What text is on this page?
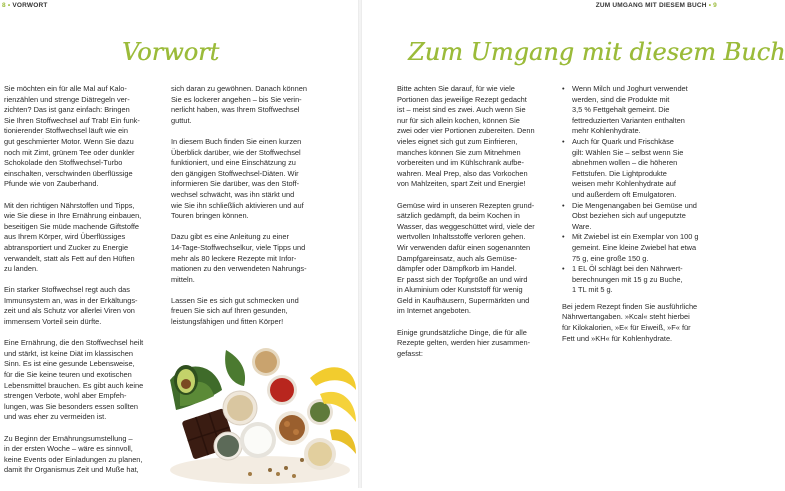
8 • VORWORT
Vorwort

Sie möchten ein für alle Mal auf Kalo-
rienzählen und strenge Diätregeln ver-
zichten? Das ist ganz einfach: Bringen
Sie Ihren Stoffwechsel auf Trab! Ein funk-
tionierender Stoffwechsel läuft wie ein
gut geschmierter Motor. Wenn Sie dazu
noch mit Zimt, grünem Tee oder dunkler
Schokolade den Stoffwechsel-Turbo
einschalten, verschwinden überflüssige
Pfunde wie von Zauberhand.

Mit den richtigen Nährstoffen und Tipps,
wie Sie diese in Ihre Ernährung einbauen,
beseitigen Sie müde machende Giftstoffe
aus Ihrem Körper, wird Überflüssiges
abtransportiert und Zucker zu Energie
verwandelt, statt als Fett auf den Hüften
zu landen.

Ein starker Stoffwechsel regt auch das
Immunsystem an, was in der Erkältungs-
zeit und als Schutz vor allerlei Viren von
immensem Vorteil sein dürfte.

Eine Ernährung, die den Stoffwechsel heilt
und stärkt, ist keine Diät im klassischen
Sinn. Es ist eine gesunde Lebensweise,
für die Sie keine teuren und exotischen
Lebensmittel brauchen. Es gibt auch keine
strengen Verbote, wohl aber Empfeh-
lungen, was Sie besonders essen sollten
und was eher zu vermeiden ist.

Zu Beginn der Ernährungsumstellung –
in der ersten Woche – wäre es sinnvoll,
keine Events oder Einladungen zu planen,
damit Ihr Organismus Zeit und Muße hat,

sich daran zu gewöhnen. Danach können
Sie es lockerer angehen – bis Sie verin-
nerlicht haben, was Ihrem Stoffwechsel
guttut.

In diesem Buch finden Sie einen kurzen
Überblick darüber, wie der Stoffwechsel
funktioniert, und eine Einschätzung zu
den gängigen Stoffwechsel-Diäten. Wir
informieren Sie darüber, was den Stoff-
wechsel schwächt, was ihn stärkt und
wie Sie ihn schließlich aktivieren und auf
Touren bringen können.

Dazu gibt es eine Anleitung zu einer
14-Tage-Stoffwechselkur, viele Tipps und
mehr als 80 leckere Rezepte mit Infor-
mationen zu den verwendeten Nahrungs-
mitteln.

Lassen Sie es sich gut schmecken und
freuen Sie sich auf Ihren gesunden,
leistungsfähigen und fitten Körper!

ZUM UMGANG MIT DIESEM BUCH • 9
Zum Umgang mit diesem Buch

Bitte achten Sie darauf, für wie viele
Portionen das jeweilige Rezept gedacht
ist – meist sind es zwei. Auch wenn Sie
nur für sich allein kochen, können Sie
zwei oder vier Portionen zubereiten. Denn
vieles eignet sich gut zum Einfrieren,
manches können Sie zum Mitnehmen
vorbereiten und im Kühlschrank aufbe-
wahren. Meal Prep, also das Vorkochen
von Mahlzeiten, spart Zeit und Energie!

Gemüse wird in unseren Rezepten grund-
sätzlich gedämpft, da beim Kochen in
Wasser, das weggeschüttet wird, viele der
wertvollen Inhaltsstoffe verloren gehen.
Wir verwenden dafür einen sogenannten
Dampfgareinsatz, auch als Gemüse-
dämpfer oder Dämpfkorb im Handel.
Er passt sich der Topfgröße an und wird
in Aluminium oder Kunststoff für wenig
Geld in Kaufhäusern, Supermärkten und
im Internet angeboten.

Einige grundsätzliche Dinge, die für alle
Rezepte gelten, werden hier zusammen-
gefasst:

• Wenn Milch und Joghurt verwendet
werden, sind die Produkte mit
3,5 % Fettgehalt gemeint. Die
fettreduzierten Varianten enthalten
mehr Kohlenhydrate.
• Auch für Quark und Frischkäse
gilt: Wählen Sie – selbst wenn Sie
abnehmen wollen – die höheren
Fettstufen. Die Lightprodukte
weisen mehr Kohlenhydrate auf
und außerdem oft Emulgatoren.
• Die Mengenangaben bei Gemüse und
Obst beziehen sich auf ungeputzte
Ware.
• Mit Zwiebel ist ein Exemplar von 100 g
gemeint. Eine kleine Zwiebel hat etwa
75 g, eine große 150 g.
• 1 EL Öl schlägt bei den Nährwert-
berechnungen mit 15 g zu Buche,
1 TL mit 5 g.

Bei jedem Rezept finden Sie ausführliche
Nährwertangaben. »Kcal« steht hierbei
für Kilokalorien, »E« für Eiweiß, »F« für
Fett und »KH« für Kohlenhydrate.
